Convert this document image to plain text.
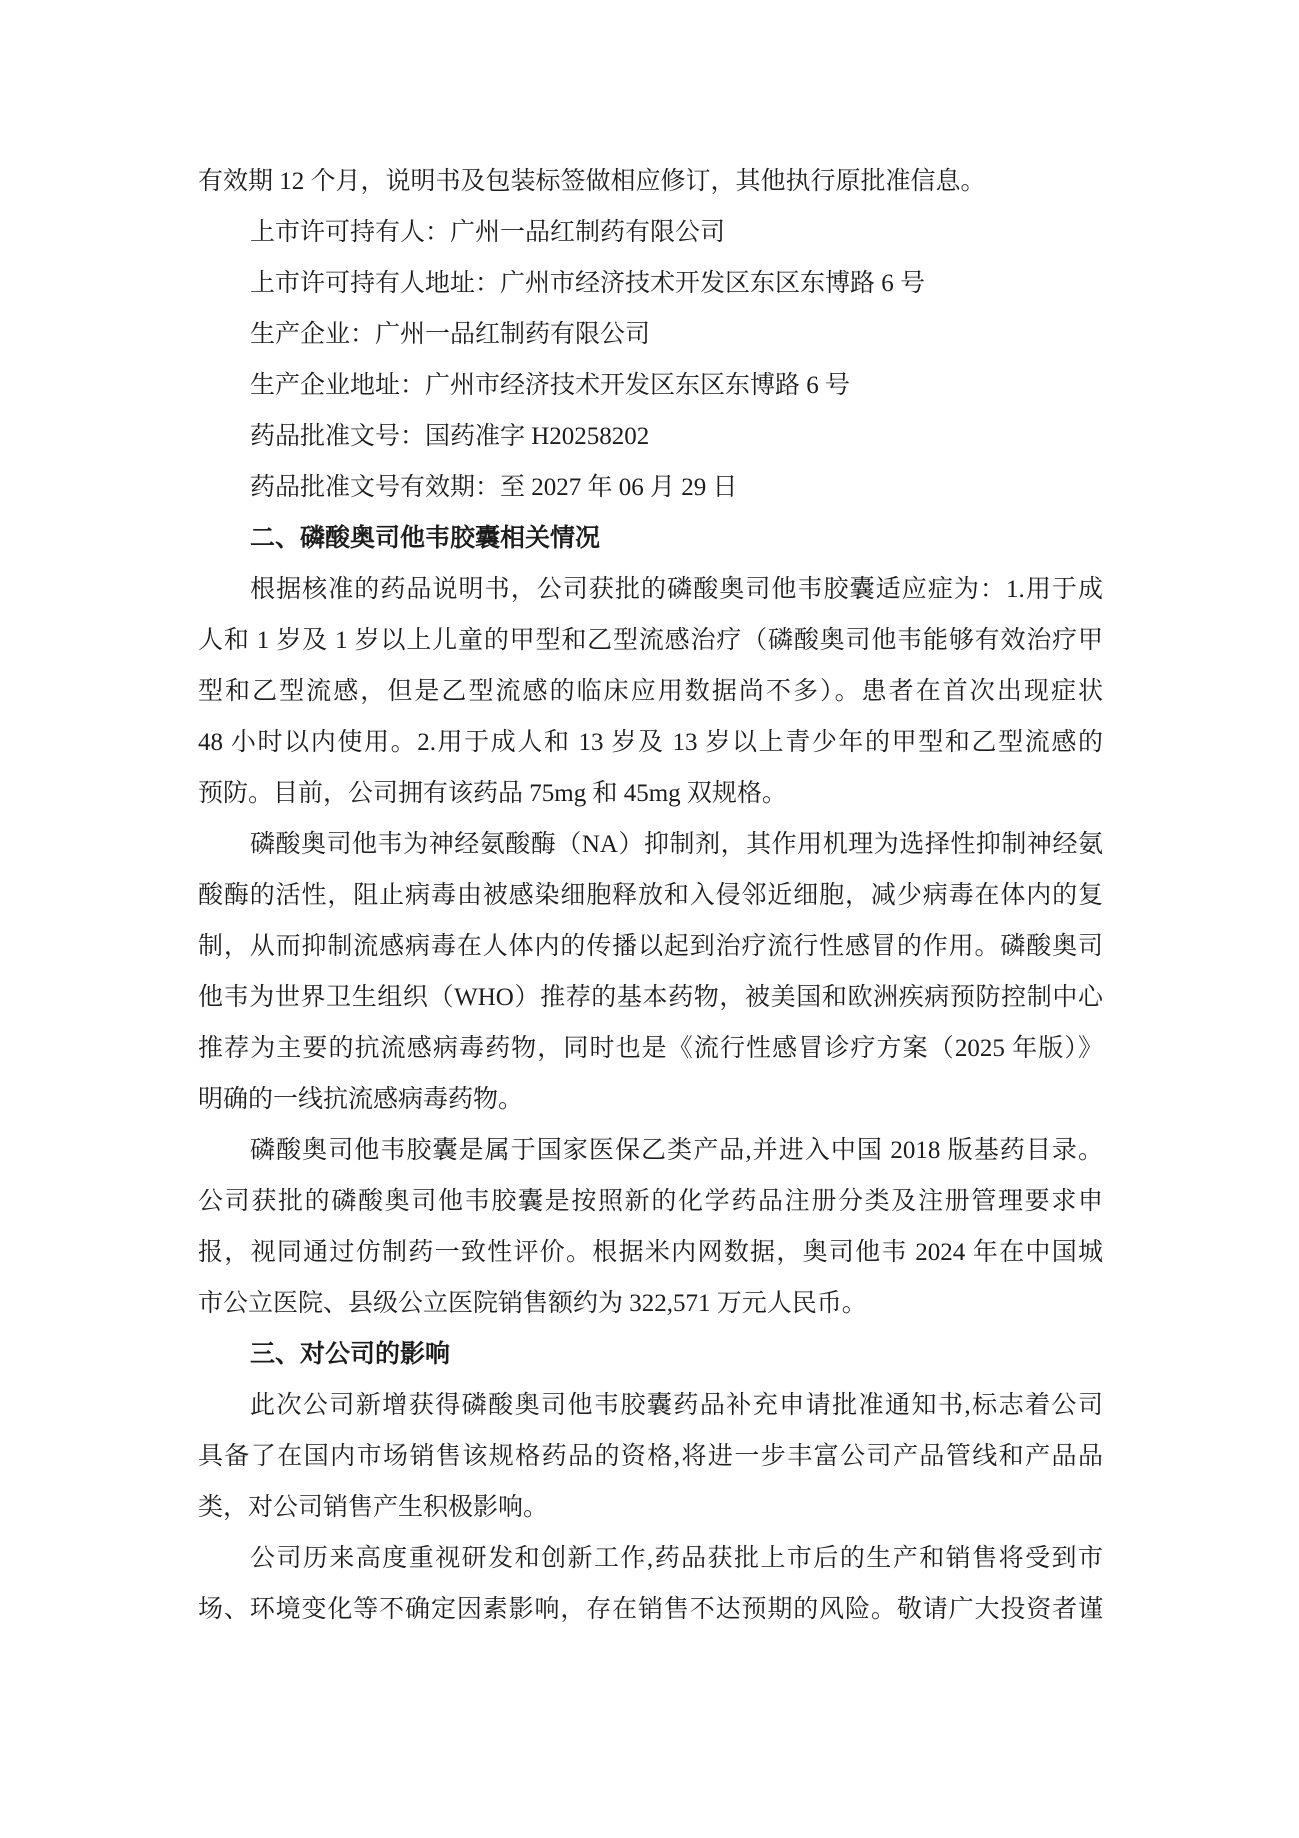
有效期 12 个月，说明书及包装标签做相应修订，其他执行原批准信息。
上市许可持有人：广州一品红制药有限公司
上市许可持有人地址：广州市经济技术开发区东区东博路 6 号
生产企业：广州一品红制药有限公司
生产企业地址：广州市经济技术开发区东区东博路 6 号
药品批准文号：国药准字 H20258202
药品批准文号有效期：至 2027 年 06 月 29 日
二、磷酸奥司他韦胶囊相关情况
根据核准的药品说明书，公司获批的磷酸奥司他韦胶囊适应症为：1.用于成
人和 1 岁及 1 岁以上儿童的甲型和乙型流感治疗（磷酸奥司他韦能够有效治疗甲
型和乙型流感，但是乙型流感的临床应用数据尚不多）。患者在首次出现症状
48 小时以内使用。2.用于成人和 13 岁及 13 岁以上青少年的甲型和乙型流感的
预防。目前，公司拥有该药品 75mg 和 45mg 双规格。
磷酸奥司他韦为神经氨酸酶（NA）抑制剂，其作用机理为选择性抑制神经氨
酸酶的活性，阻止病毒由被感染细胞释放和入侵邻近细胞，减少病毒在体内的复
制，从而抑制流感病毒在人体内的传播以起到治疗流行性感冒的作用。磷酸奥司
他韦为世界卫生组织（WHO）推荐的基本药物，被美国和欧洲疾病预防控制中心
推荐为主要的抗流感病毒药物，同时也是《流行性感冒诊疗方案（2025 年版）》
明确的一线抗流感病毒药物。
磷酸奥司他韦胶囊是属于国家医保乙类产品,并进入中国 2018 版基药目录。
公司获批的磷酸奥司他韦胶囊是按照新的化学药品注册分类及注册管理要求申
报，视同通过仿制药一致性评价。根据米内网数据，奥司他韦 2024 年在中国城
市公立医院、县级公立医院销售额约为 322,571 万元人民币。
三、对公司的影响
此次公司新增获得磷酸奥司他韦胶囊药品补充申请批准通知书,标志着公司
具备了在国内市场销售该规格药品的资格,将进一步丰富公司产品管线和产品品
类，对公司销售产生积极影响。
公司历来高度重视研发和创新工作,药品获批上市后的生产和销售将受到市
场、环境变化等不确定因素影响，存在销售不达预期的风险。敬请广大投资者谨
